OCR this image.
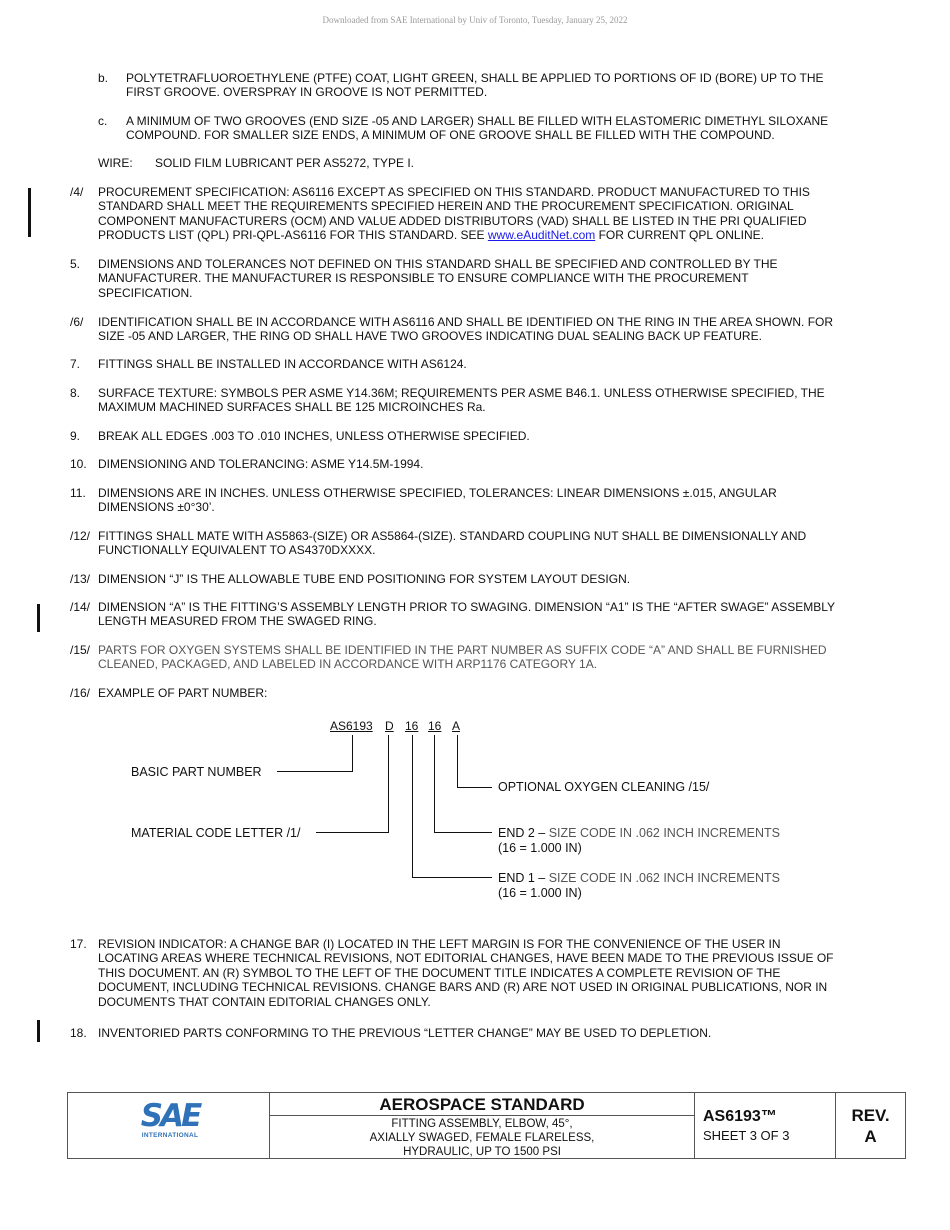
Downloaded from SAE International by Univ of Toronto, Tuesday, January 25, 2022
b. POLYTETRAFLUOROETHYLENE (PTFE) COAT, LIGHT GREEN, SHALL BE APPLIED TO PORTIONS OF ID (BORE) UP TO THE
FIRST GROOVE. OVERSPRAY IN GROOVE IS NOT PERMITTED.
c. A MINIMUM OF TWO GROOVES (END SIZE -05 AND LARGER) SHALL BE FILLED WITH ELASTOMERIC DIMETHYL SILOXANE
COMPOUND. FOR SMALLER SIZE ENDS, A MINIMUM OF ONE GROOVE SHALL BE FILLED WITH THE COMPOUND.
WIRE: SOLID FILM LUBRICANT PER AS5272, TYPE I.
/4/ PROCUREMENT SPECIFICATION: AS6116 EXCEPT AS SPECIFIED ON THIS STANDARD. PRODUCT MANUFACTURED TO THIS
STANDARD SHALL MEET THE REQUIREMENTS SPECIFIED HEREIN AND THE PROCUREMENT SPECIFICATION. ORIGINAL
COMPONENT MANUFACTURERS (OCM) AND VALUE ADDED DISTRIBUTORS (VAD) SHALL BE LISTED IN THE PRI QUALIFIED
PRODUCTS LIST (QPL) PRI-QPL-AS6116 FOR THIS STANDARD. SEE www.eAuditNet.com FOR CURRENT QPL ONLINE.
5. DIMENSIONS AND TOLERANCES NOT DEFINED ON THIS STANDARD SHALL BE SPECIFIED AND CONTROLLED BY THE
MANUFACTURER. THE MANUFACTURER IS RESPONSIBLE TO ENSURE COMPLIANCE WITH THE PROCUREMENT
SPECIFICATION.
/6/ IDENTIFICATION SHALL BE IN ACCORDANCE WITH AS6116 AND SHALL BE IDENTIFIED ON THE RING IN THE AREA SHOWN. FOR
SIZE -05 AND LARGER, THE RING OD SHALL HAVE TWO GROOVES INDICATING DUAL SEALING BACK UP FEATURE.
7. FITTINGS SHALL BE INSTALLED IN ACCORDANCE WITH AS6124.
8. SURFACE TEXTURE: SYMBOLS PER ASME Y14.36M; REQUIREMENTS PER ASME B46.1. UNLESS OTHERWISE SPECIFIED, THE
MAXIMUM MACHINED SURFACES SHALL BE 125 MICROINCHES Ra.
9. BREAK ALL EDGES .003 TO .010 INCHES, UNLESS OTHERWISE SPECIFIED.
10. DIMENSIONING AND TOLERANCING: ASME Y14.5M-1994.
11. DIMENSIONS ARE IN INCHES. UNLESS OTHERWISE SPECIFIED, TOLERANCES: LINEAR DIMENSIONS ±.015, ANGULAR
DIMENSIONS ±0°30’.
/12/ FITTINGS SHALL MATE WITH AS5863-(SIZE) OR AS5864-(SIZE). STANDARD COUPLING NUT SHALL BE DIMENSIONALLY AND
FUNCTIONALLY EQUIVALENT TO AS4370DXXXX.
/13/ DIMENSION “J” IS THE ALLOWABLE TUBE END POSITIONING FOR SYSTEM LAYOUT DESIGN.
/14/ DIMENSION “A” IS THE FITTING’S ASSEMBLY LENGTH PRIOR TO SWAGING. DIMENSION “A1” IS THE “AFTER SWAGE” ASSEMBLY
LENGTH MEASURED FROM THE SWAGED RING.
/15/ PARTS FOR OXYGEN SYSTEMS SHALL BE IDENTIFIED IN THE PART NUMBER AS SUFFIX CODE “A” AND SHALL BE FURNISHED
CLEANED, PACKAGED, AND LABELED IN ACCORDANCE WITH ARP1176 CATEGORY 1A.
/16/ EXAMPLE OF PART NUMBER:
AS6193 D 16 16 A
BASIC PART NUMBER
MATERIAL CODE LETTER /1/
OPTIONAL OXYGEN CLEANING /15/
END 2 – SIZE CODE IN .062 INCH INCREMENTS
(16 = 1.000 IN)
END 1 – SIZE CODE IN .062 INCH INCREMENTS
(16 = 1.000 IN)
17. REVISION INDICATOR: A CHANGE BAR (I) LOCATED IN THE LEFT MARGIN IS FOR THE CONVENIENCE OF THE USER IN
LOCATING AREAS WHERE TECHNICAL REVISIONS, NOT EDITORIAL CHANGES, HAVE BEEN MADE TO THE PREVIOUS ISSUE OF
THIS DOCUMENT. AN (R) SYMBOL TO THE LEFT OF THE DOCUMENT TITLE INDICATES A COMPLETE REVISION OF THE
DOCUMENT, INCLUDING TECHNICAL REVISIONS. CHANGE BARS AND (R) ARE NOT USED IN ORIGINAL PUBLICATIONS, NOR IN
DOCUMENTS THAT CONTAIN EDITORIAL CHANGES ONLY.
18. INVENTORIED PARTS CONFORMING TO THE PREVIOUS “LETTER CHANGE” MAY BE USED TO DEPLETION.
SAE
INTERNATIONAL
AEROSPACE STANDARD
FITTING ASSEMBLY, ELBOW, 45°,
AXIALLY SWAGED, FEMALE FLARELESS,
HYDRAULIC, UP TO 1500 PSI
AS6193™
SHEET 3 OF 3
REV.
A
